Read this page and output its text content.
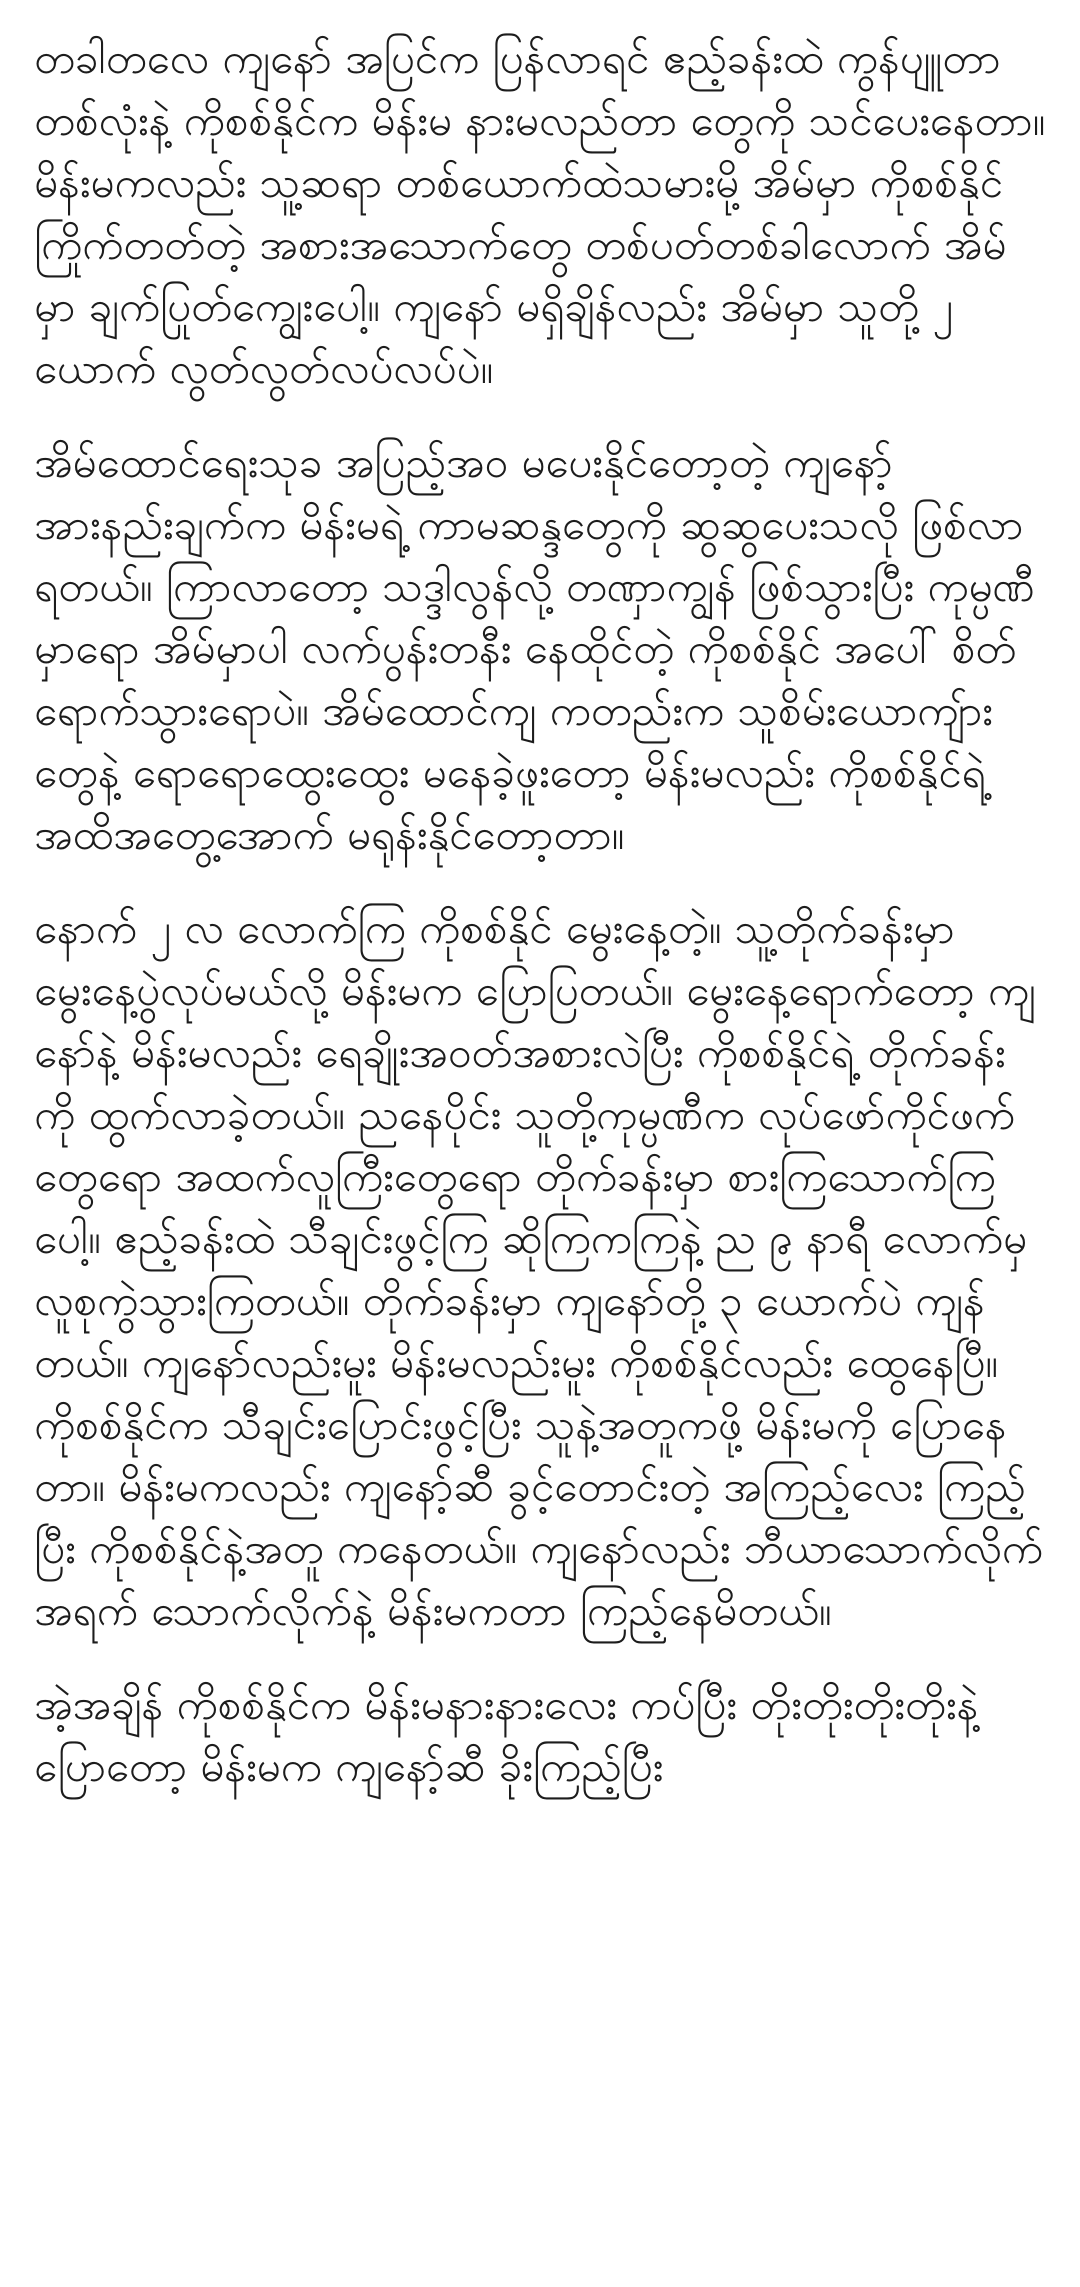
တခါတလေ ကျနော် အပြင်က ပြန်လာရင် ဧည့်ခန်းထဲ ကွန်ပျူတာတစ်လုံးနဲ့ ကိုစစ်နိုင်က မိန်းမ နားမလည်တာ တွေကို သင်ပေးနေတာ။ မိန်းမကလည်း သူ့ဆရာ တစ်ယောက်ထဲသမားမို့ အိမ်မှာ ကိုစစ်နိုင် ကြိုက်တတ်တဲ့ အစားအသောက်တွေ တစ်ပတ်တစ်ခါလောက် အိမ်မှာ ချက်ပြုတ်ကျွေးပေါ့။ ကျနော် မရှိချိန်လည်း အိမ်မှာ သူတို့ ၂ ယောက် လွတ်လွတ်လပ်လပ်ပဲ။

အိမ်ထောင်ရေးသုခ အပြည့်အဝ မပေးနိုင်တော့တဲ့ ကျနော့် အားနည်းချက်က မိန်းမရဲ့ ကာမဆန္ဒတွေကို ဆွဆွပေးသလို ဖြစ်လာရတယ်။ ကြာလာတော့ သဒ္ဒါလွန်လို့ တဏှာကျွန် ဖြစ်သွားပြီး ကုမ္ပဏီမှာရော အိမ်မှာပါ လက်ပွန်းတနီး နေထိုင်တဲ့ ကိုစစ်နိုင် အပေါ် စိတ်ရောက်သွားရောပဲ။ အိမ်ထောင်ကျ ကတည်းက သူစိမ်းယောကျ်ားတွေနဲ့ ရောရောထွေးထွေး မနေခဲ့ဖူးတော့ မိန်းမလည်း ကိုစစ်နိုင်ရဲ့ အထိအတွေ့အောက် မရုန်းနိုင်တော့တာ။

နောက် ၂ လ လောက်ကြ ကိုစစ်နိုင် မွေးနေ့တဲ့။ သူ့တိုက်ခန်းမှာ မွေးနေ့ပွဲလုပ်မယ်လို့ မိန်းမက ပြောပြတယ်။ မွေးနေ့ရောက်တော့ ကျနော်နဲ့ မိန်းမလည်း ရေချိုးအဝတ်အစားလဲပြီး ကိုစစ်နိုင်ရဲ့ တိုက်ခန်းကို ထွက်လာခဲ့တယ်။ ညနေပိုင်း သူတို့ကုမ္ပဏီက လုပ်ဖော်ကိုင်ဖက်တွေရော အထက်လူကြီးတွေရော တိုက်ခန်းမှာ စားကြသောက်ကြပေါ့။ ဧည့်ခန်းထဲ သီချင်းဖွင့်ကြ ဆိုကြကကြနဲ့ ည ၉ နာရီ လောက်မှ လူစုကွဲသွားကြတယ်။ တိုက်ခန်းမှာ ကျနော်တို့ ၃ ယောက်ပဲ ကျန်တယ်။ ကျနော်လည်းမူး မိန်းမလည်းမူး ကိုစစ်နိုင်လည်း ထွေနေပြီ။ ကိုစစ်နိုင်က သီချင်းပြောင်းဖွင့်ပြီး သူနဲ့အတူကဖို့ မိန်းမကို ပြောနေတာ။ မိန်းမကလည်း ကျနော့်ဆီ ခွင့်တောင်းတဲ့ အကြည့်လေး ကြည့်ပြီး ကိုစစ်နိုင်နဲ့အတူ ကနေတယ်။ ကျနော်လည်း ဘီယာသောက်လိုက် အရက် သောက်လိုက်နဲ့ မိန်းမကတာ ကြည့်နေမိတယ်။

အဲ့အချိန် ကိုစစ်နိုင်က မိန်းမနားနားလေး ကပ်ပြီး တိုးတိုးတိုးတိုးနဲ့ ပြောတော့ မိန်းမက ကျနော့်ဆီ ခိုးကြည့်ပြီး
